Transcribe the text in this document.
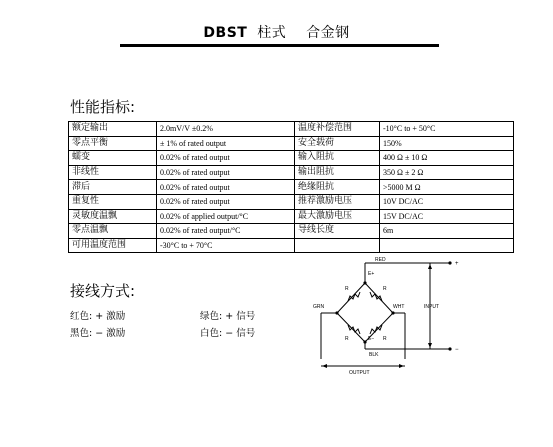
DBST 柱式 合金钢
性能指标:
额定输出	2.0mV/V ±0.2%	温度补偿范围	-10°C to + 50°C
零点平衡	± 1% of rated output	安全载荷	150%
蠕变	0.02% of rated output	输入阻抗	400 Ω ± 10 Ω
非线性	0.02% of rated output	输出阻抗	350 Ω ± 2 Ω
滞后	0.02% of rated output	绝缘阻抗	>5000 M Ω
重复性	0.02% of rated output	推荐激励电压	10V DC/AC
灵敏度温飘	0.02% of applied output/°C	最大激励电压	15V DC/AC
零点温飘	0.02% of rated output/°C	导线长度	6m
可用温度范围	-30°C to + 70°C		
接线方式:
红色: + 激励
黑色: − 激励
绿色: + 信号
白色: − 信号
RED
BLK
GRN	WHT
E+
E−
R	R
R	R
INPUT
OUTPUT
+
−
